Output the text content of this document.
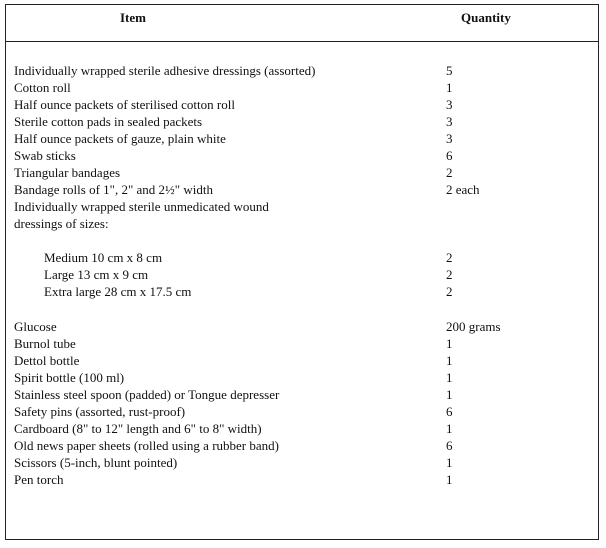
Item	Quantity
Individually wrapped sterile adhesive dressings (assorted)	5
Cotton roll	1
Half ounce packets of sterilised cotton roll	3
Sterile cotton pads in sealed packets	3
Half ounce packets of gauze, plain white	3
Swab sticks	6
Triangular bandages	2
Bandage rolls of 1", 2" and 2½" width	2 each
Individually wrapped sterile unmedicated wound
dressings of sizes:
Medium 10 cm x 8 cm	2
Large 13 cm x 9 cm	2
Extra large 28 cm x 17.5 cm	2
Glucose	200 grams
Burnol tube	1
Dettol bottle	1
Spirit bottle (100 ml)	1
Stainless steel spoon (padded) or Tongue depresser	1
Safety pins (assorted, rust-proof)	6
Cardboard (8" to 12" length and 6" to 8" width)	1
Old news paper sheets (rolled using a rubber band)	6
Scissors (5-inch, blunt pointed)	1
Pen torch	1
